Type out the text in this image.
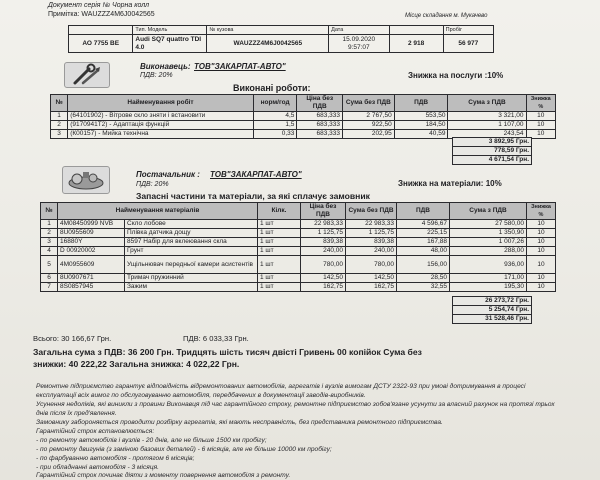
Документ серія № Чорна колл
Примітка: WAUZZZ4M6J0042565	Місце складання м. Мукачево
	Тип. Модель	№ кузова	Дата		Пробіг
АО 7755 ВЕ	Audi SQ7 quattro TDI 4.0	WAUZZZ4M6J0042565	15.09.2020
9:57:07	2 918	56 977
Виконавець: ТОВ"ЗАКАРПАТ-АВТО"
ПДВ: 20%	Знижка на послуги :10%
Виконані роботи:
№	Найменування робіт	норм/год	Ціна без ПДВ	Сума без ПДВ	ПДВ	Сума з ПДВ	Знижка %
1	(64101902) - Вітрове скло зняти і встановити	4,5	683,333	2 767,50	553,50	3 321,00	10
2	(9170941T2) - Адаптація функцій	1,5	683,333	922,50	184,50	1 107,00	10
3	(К00157) - Мийка технічна	0,33	683,333	202,95	40,59	243,54	10
3 892,95 Грн.
778,59 Грн.
4 671,54 Грн.
Постачальник : ТОВ"ЗАКАРПАТ-АВТО"
ПДВ: 20%	Знижка на матеріали: 10%
Запасні частини та матеріали, за які сплачує замовник
№	Найменування матеріалів		Кілк.	Ціна без ПДВ	Сума без ПДВ	ПДВ	Сума з ПДВ	Знижка %
1	4M08450999 NVB	Скло лобове	1 шт	22 983,33	22 983,33	4 596,67	27 580,00	10
2	8U0955609	Плівка датчика дощу	1 шт	1 125,75	1 125,75	225,15	1 350,90	10
3	16880Y	8597 Набір для вклеювання скла	1 шт	839,38	839,38	167,88	1 007,26	10
4	D 00920002	Грунт	1 шт	240,00	240,00	48,00	288,00	10
5	4M0955609	Ущільнювач передньої камери асистентів	1 шт	780,00	780,00	156,00	936,00	10
6	8U0907671	Тримач пружинний	1 шт	142,50	142,50	28,50	171,00	10
7	8S0857945	Зажим	1 шт	162,75	162,75	32,55	195,30	10
26 273,72 Грн.
5 254,74 Грн.
31 528,46 Грн.
Всього: 30 166,67 Грн.	ПДВ: 6 033,33 Грн.
Загальна сума з ПДВ: 36 200 Грн. Тридцять шість тисяч двісті Гривень 00 копійок Сума без
знижки: 40 222,22 Загальна знижка: 4 022,22 Грн.
Ремонтне підприємство гарантує відповідність відремонтованих автомобілів, агрегатів і вузлів вимогам ДСТУ 2322-93 при умові дотримування в процесі експлуатації всіх вимог по обслуговуванню автомобіля, передбачених в документації заводів-виробників.
Усунення недоліків, які виникли з провини Виконавця під час гарантійного строку, ремонтне підприємство зобов'язане усунути за власний рахунок на протязі трьох днів після їх пред'явлення.
Замовнику забороняється проводити розбірку агрегатів, які мають несправність, без представника ремонтного підприємства.
Гарантійний строк встановлюється:
- по ремонту автомобілів і вузлів - 20 днів, але не більше 1500 км пробігу;
- по ремонту двигунів (з заміною базових деталей) - 6 місяців, але не більше 10000 км пробігу;
- по фарбуванню автомобіля - протягом 6 місяців;
- при обладнанні автомобіля - 3 місяця.
Гарантійний строк починає діяти з моменту повернення автомобіля з ремонту.
